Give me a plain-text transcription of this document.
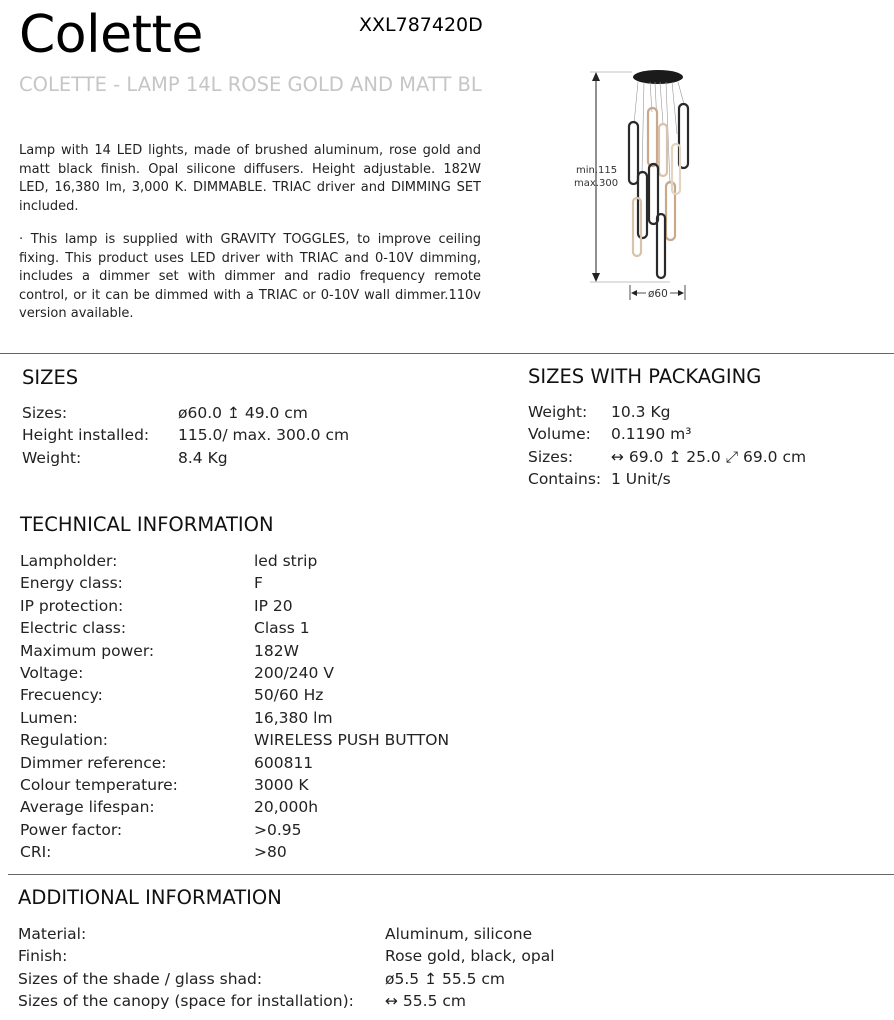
Colette	XXL787420D
COLETTE - LAMP 14L ROSE GOLD AND MATT BL

Lamp with 14 LED lights, made of brushed aluminum, rose gold and matt black finish. Opal silicone diffusers. Height adjustable. 182W LED, 16,380 lm, 3,000 K. DIMMABLE. TRIAC driver and DIMMING SET included.

· This lamp is supplied with GRAVITY TOGGLES, to improve ceiling fixing. This product uses LED driver with TRIAC and 0-10V dimming, includes a dimmer set with dimmer and radio frequency remote control, or it can be dimmed with a TRIAC or 0-10V wall dimmer.110v version available.

min.115
max.300
ø60
SIZES
Sizes:	ø60.0 ↥ 49.0 cm
Height installed: 115.0/ max. 300.0 cm
Weight:	8.4 Kg
SIZES WITH PACKAGING
Weight: 10.3 Kg
Volume: 0.1190 m³
Sizes: ↔ 69.0 ↥ 25.0 ⤢ 69.0 cm
Contains: 1 Unit/s
TECHNICAL INFORMATION
Lampholder:	led strip
Energy class:	F
IP protection:	IP 20
Electric class:	Class 1
Maximum power:	182W
Voltage:	200/240 V
Frecuency:	50/60 Hz
Lumen:	16,380 lm
Regulation:	WIRELESS PUSH BUTTON
Dimmer reference:	600811
Colour temperature:	3000 K
Average lifespan:	20,000h
Power factor:	>0.95
CRI:	>80
ADDITIONAL INFORMATION
Material:	Aluminum, silicone
Finish:	Rose gold, black, opal
Sizes of the shade / glass shad:	ø5.5 ↥ 55.5 cm
Sizes of the canopy (space for installation): ↔ 55.5 cm
